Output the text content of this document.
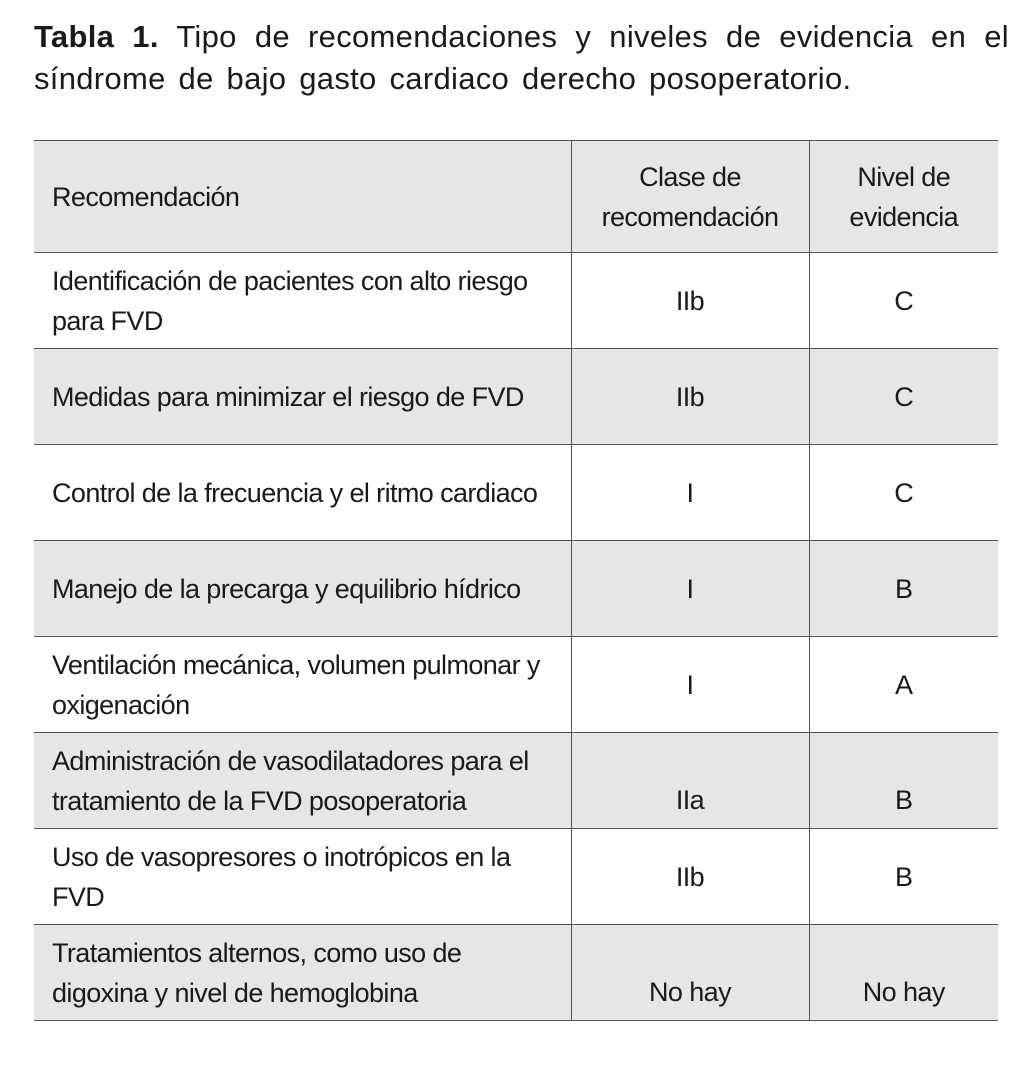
Tabla 1. Tipo de recomendaciones y niveles de evidencia en el síndrome de bajo gasto cardiaco derecho posoperatorio.
Recomendación	Clase de recomendación	Nivel de evidencia
Identificación de pacientes con alto riesgo para FVD	IIb	C
Medidas para minimizar el riesgo de FVD	IIb	C
Control de la frecuencia y el ritmo cardiaco	I	C
Manejo de la precarga y equilibrio hídrico	I	B
Ventilación mecánica, volumen pulmonar y oxigenación	I	A
Administración de vasodilatadores para el tratamiento de la FVD posoperatoria	IIa	B
Uso de vasopresores o inotrópicos en la FVD	IIb	B
Tratamientos alternos, como uso de digoxina y nivel de hemoglobina	No hay	No hay
